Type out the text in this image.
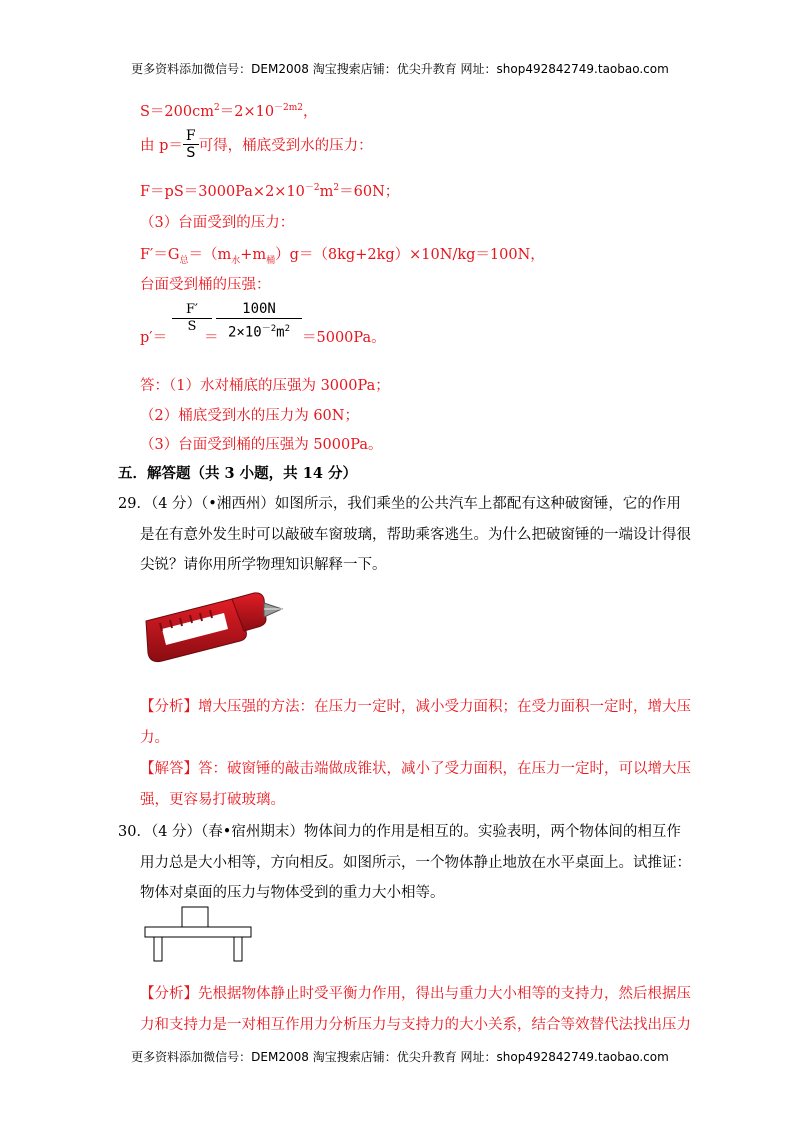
更多资料添加微信号：DEM2008 淘宝搜索店铺：优尖升教育 网址：shop492842749.taobao.com
$S=200cm^2=2\times 10^{-2m2}$，
由 $p= \frac{F}{S}$ 可得，桶底受到水的压力：
$F=pS=3000Pa\times 2\times 10^{-2}m^2=60N$；
（3）台面受到的压力：
$F'=G_总=(m_水+m_桶)g=(8kg+2kg)\times 10N/kg=100N$，
台面受到桶的压强：
p′＝
$\frac{F'}{S}$
＝
$\frac{100N}{2\times 10^{-2}m^2} =5000Pa$。
答：（1）水对桶底的压强为 3000Pa；
（2）桶底受到水的压力为 60N；
（3）台面受到桶的压强为 5000Pa。
五．解答题（共 3 小题，共 14 分）
29．（4 分）（•湘西州）如图所示，我们乘坐的公共汽车上都配有这种破窗锤，它的作用
是在有意外发生时可以敲破车窗玻璃，帮助乘客逃生。为什么把破窗锤的一端设计得很
尖锐？请你用所学物理知识解释一下。
【分析】增大压强的方法：在压力一定时，减小受力面积；在受力面积一定时，增大压
力。
【解答】答：破窗锤的敲击端做成锥状，减小了受力面积，在压力一定时，可以增大压
强，更容易打破玻璃。
30．（4 分）（春•宿州期末）物体间力的作用是相互的。实验表明，两个物体间的相互作
用力总是大小相等，方向相反。如图所示，一个物体静止地放在水平桌面上。试推证：
物体对桌面的压力与物体受到的重力大小相等。
【分析】先根据物体静止时受平衡力作用，得出与重力大小相等的支持力，然后根据压
力和支持力是一对相互作用力分析压力与支持力的大小关系，结合等效替代法找出压力
更多资料添加微信号：DEM2008 淘宝搜索店铺：优尖升教育 网址：shop492842749.taobao.com
